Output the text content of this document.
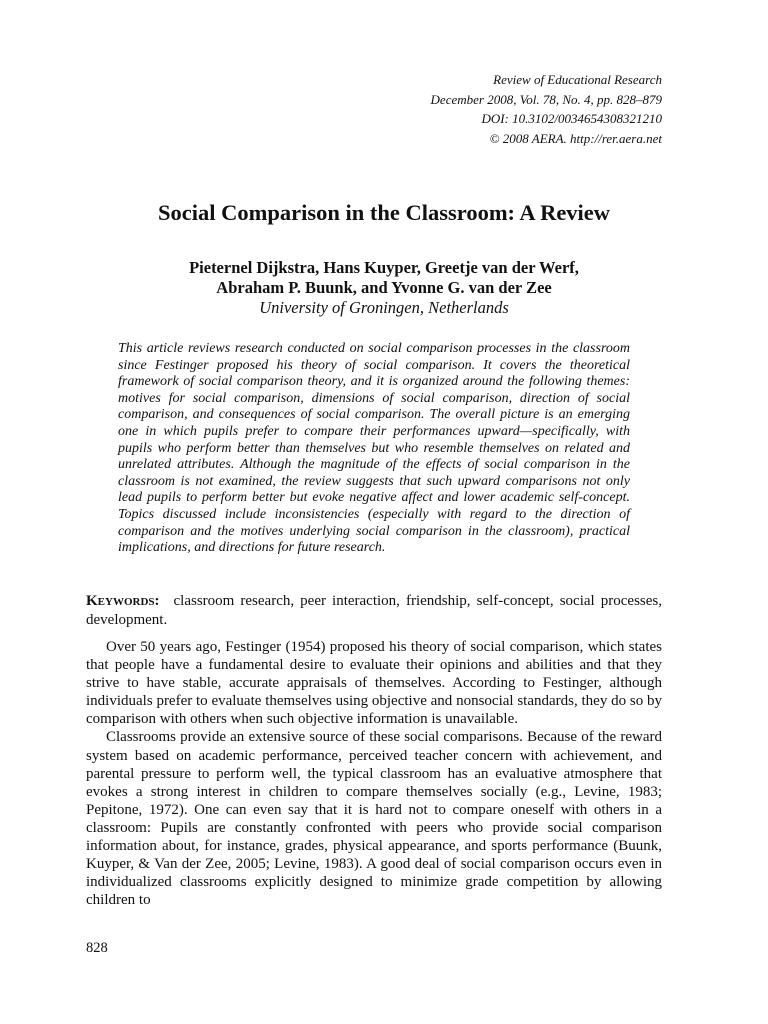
Review of Educational Research
December 2008, Vol. 78, No. 4, pp. 828–879
DOI: 10.3102/0034654308321210
© 2008 AERA. http://rer.aera.net
Social Comparison in the Classroom: A Review
Pieternel Dijkstra, Hans Kuyper, Greetje van der Werf,
Abraham P. Buunk, and Yvonne G. van der Zee
University of Groningen, Netherlands
This article reviews research conducted on social comparison processes in the classroom since Festinger proposed his theory of social comparison. It covers the theoretical framework of social comparison theory, and it is organized around the following themes: motives for social comparison, dimensions of social comparison, direction of social comparison, and consequences of social comparison. The overall picture is an emerging one in which pupils prefer to compare their performances upward—specifically, with pupils who perform better than themselves but who resemble themselves on related and unrelated attributes. Although the magnitude of the effects of social comparison in the classroom is not examined, the review suggests that such upward comparisons not only lead pupils to perform better but evoke negative affect and lower academic self-concept. Topics discussed include inconsistencies (especially with regard to the direction of comparison and the motives underlying social comparison in the classroom), practical implications, and directions for future research.
Keywords: classroom research, peer interaction, friendship, self-concept, social processes, development.

Over 50 years ago, Festinger (1954) proposed his theory of social comparison, which states that people have a fundamental desire to evaluate their opinions and abilities and that they strive to have stable, accurate appraisals of themselves. According to Festinger, although individuals prefer to evaluate themselves using objective and nonsocial standards, they do so by comparison with others when such objective information is unavailable.

Classrooms provide an extensive source of these social comparisons. Because of the reward system based on academic performance, perceived teacher concern with achievement, and parental pressure to perform well, the typical classroom has an evaluative atmosphere that evokes a strong interest in children to compare themselves socially (e.g., Levine, 1983; Pepitone, 1972). One can even say that it is hard not to compare oneself with others in a classroom: Pupils are constantly confronted with peers who provide social comparison information about, for instance, grades, physical appearance, and sports performance (Buunk, Kuyper, & Van der Zee, 2005; Levine, 1983). A good deal of social comparison occurs even in individualized classrooms explicitly designed to minimize grade competition by allowing children to

828
